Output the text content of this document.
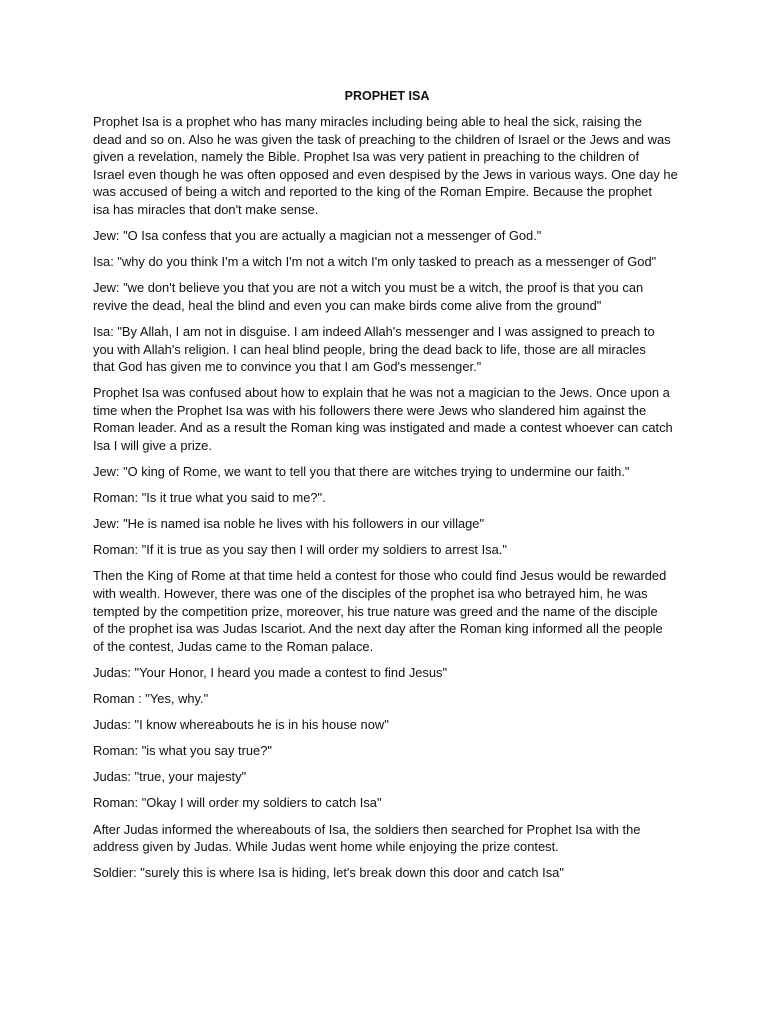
PROPHET ISA

Prophet Isa is a prophet who has many miracles including being able to heal the sick, raising the
dead and so on. Also he was given the task of preaching to the children of Israel or the Jews and was
given a revelation, namely the Bible. Prophet Isa was very patient in preaching to the children of
Israel even though he was often opposed and even despised by the Jews in various ways. One day he
was accused of being a witch and reported to the king of the Roman Empire. Because the prophet
isa has miracles that don't make sense.

Jew: "O Isa confess that you are actually a magician not a messenger of God."

Isa: "why do you think I'm a witch I'm not a witch I'm only tasked to preach as a messenger of God"

Jew: "we don't believe you that you are not a witch you must be a witch, the proof is that you can
revive the dead, heal the blind and even you can make birds come alive from the ground"

Isa: "By Allah, I am not in disguise. I am indeed Allah's messenger and I was assigned to preach to
you with Allah's religion. I can heal blind people, bring the dead back to life, those are all miracles
that God has given me to convince you that I am God's messenger."

Prophet Isa was confused about how to explain that he was not a magician to the Jews. Once upon a
time when the Prophet Isa was with his followers there were Jews who slandered him against the
Roman leader. And as a result the Roman king was instigated and made a contest whoever can catch
Isa I will give a prize.

Jew: "O king of Rome, we want to tell you that there are witches trying to undermine our faith."

Roman: "Is it true what you said to me?".

Jew: "He is named isa noble he lives with his followers in our village"

Roman: "If it is true as you say then I will order my soldiers to arrest Isa."

Then the King of Rome at that time held a contest for those who could find Jesus would be rewarded
with wealth. However, there was one of the disciples of the prophet isa who betrayed him, he was
tempted by the competition prize, moreover, his true nature was greed and the name of the disciple
of the prophet isa was Judas Iscariot. And the next day after the Roman king informed all the people
of the contest, Judas came to the Roman palace.

Judas: "Your Honor, I heard you made a contest to find Jesus"

Roman : "Yes, why."

Judas: "I know whereabouts he is in his house now"

Roman: "is what you say true?"

Judas: "true, your majesty"

Roman: "Okay I will order my soldiers to catch Isa"

After Judas informed the whereabouts of Isa, the soldiers then searched for Prophet Isa with the
address given by Judas. While Judas went home while enjoying the prize contest.

Soldier: "surely this is where Isa is hiding, let's break down this door and catch Isa"
